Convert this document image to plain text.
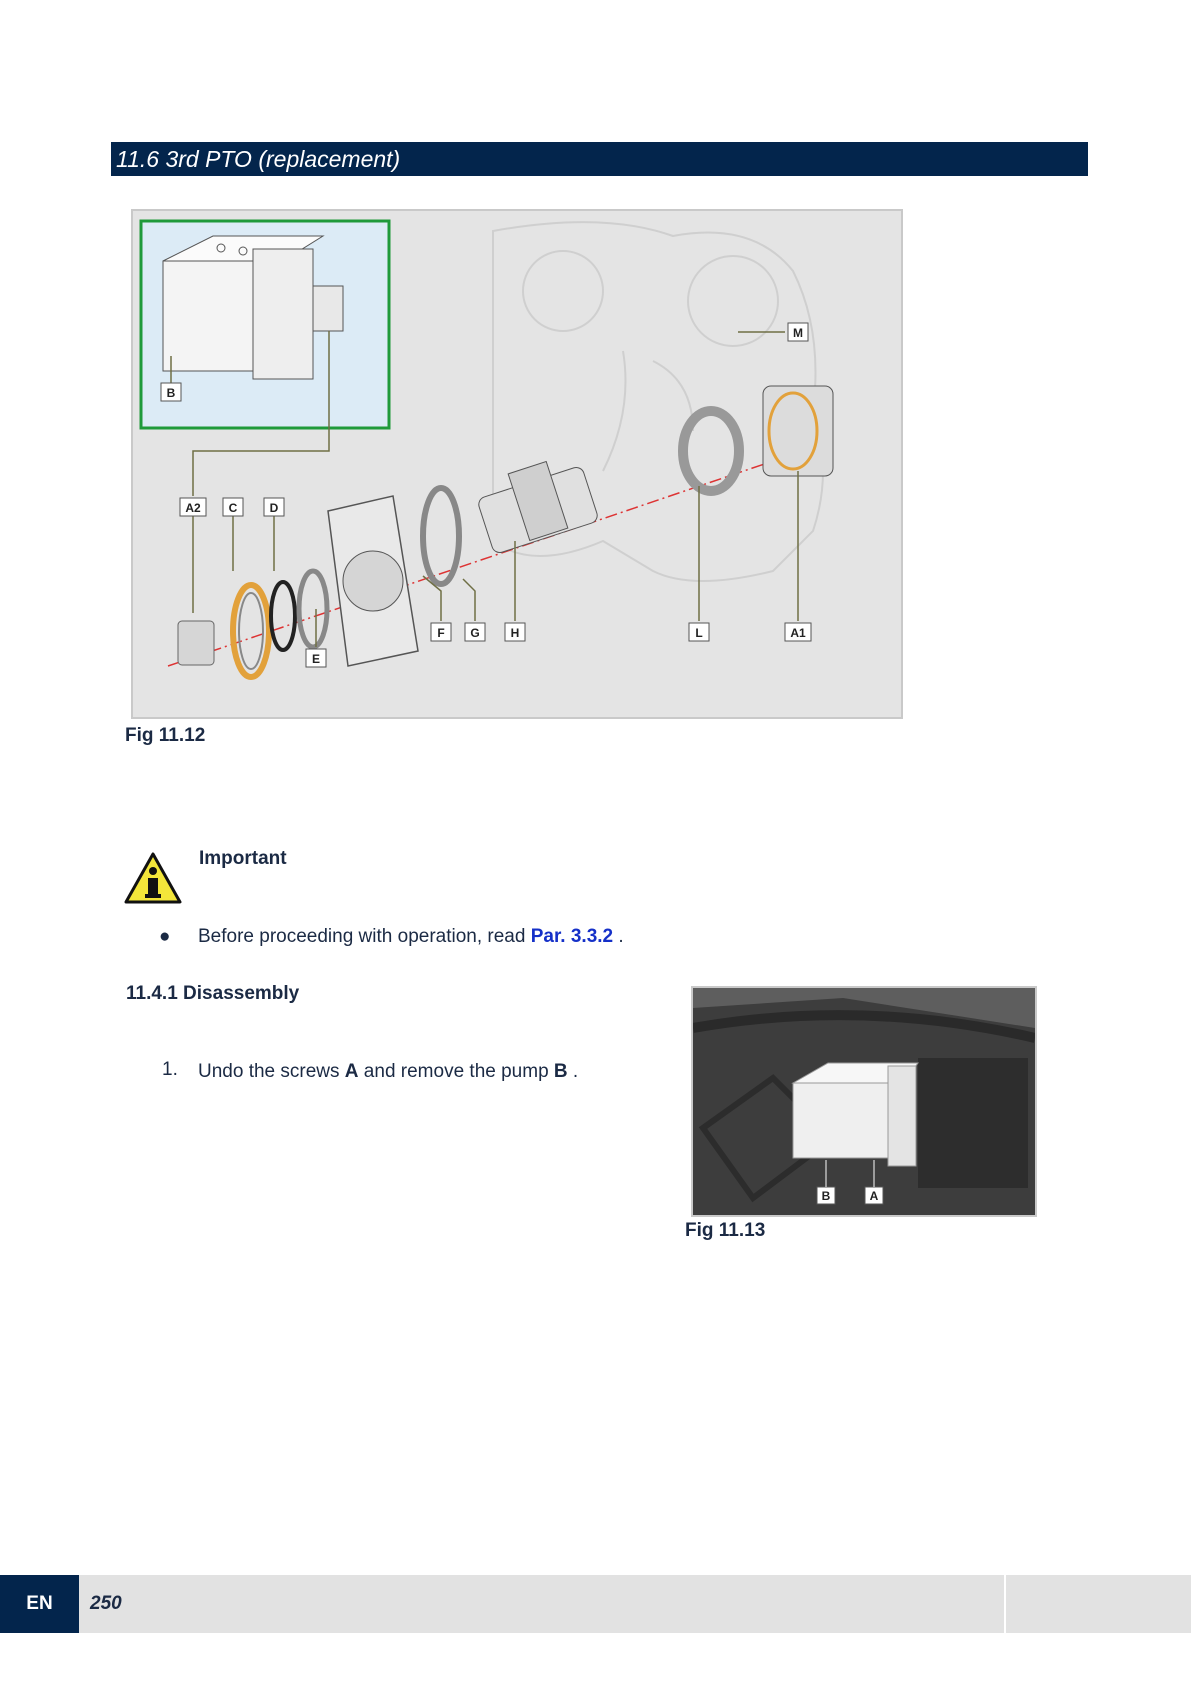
11.6 3rd PTO (replacement)
B
M
A2 C	D
E
F G	H	L	A1
Fig 11.12
Important
● Before proceeding with operation, read Par. 3.3.2 .
11.4.1 Disassembly
1. Undo the screws A and remove the pump B .
B	A
Fig 11.13
EN	250
